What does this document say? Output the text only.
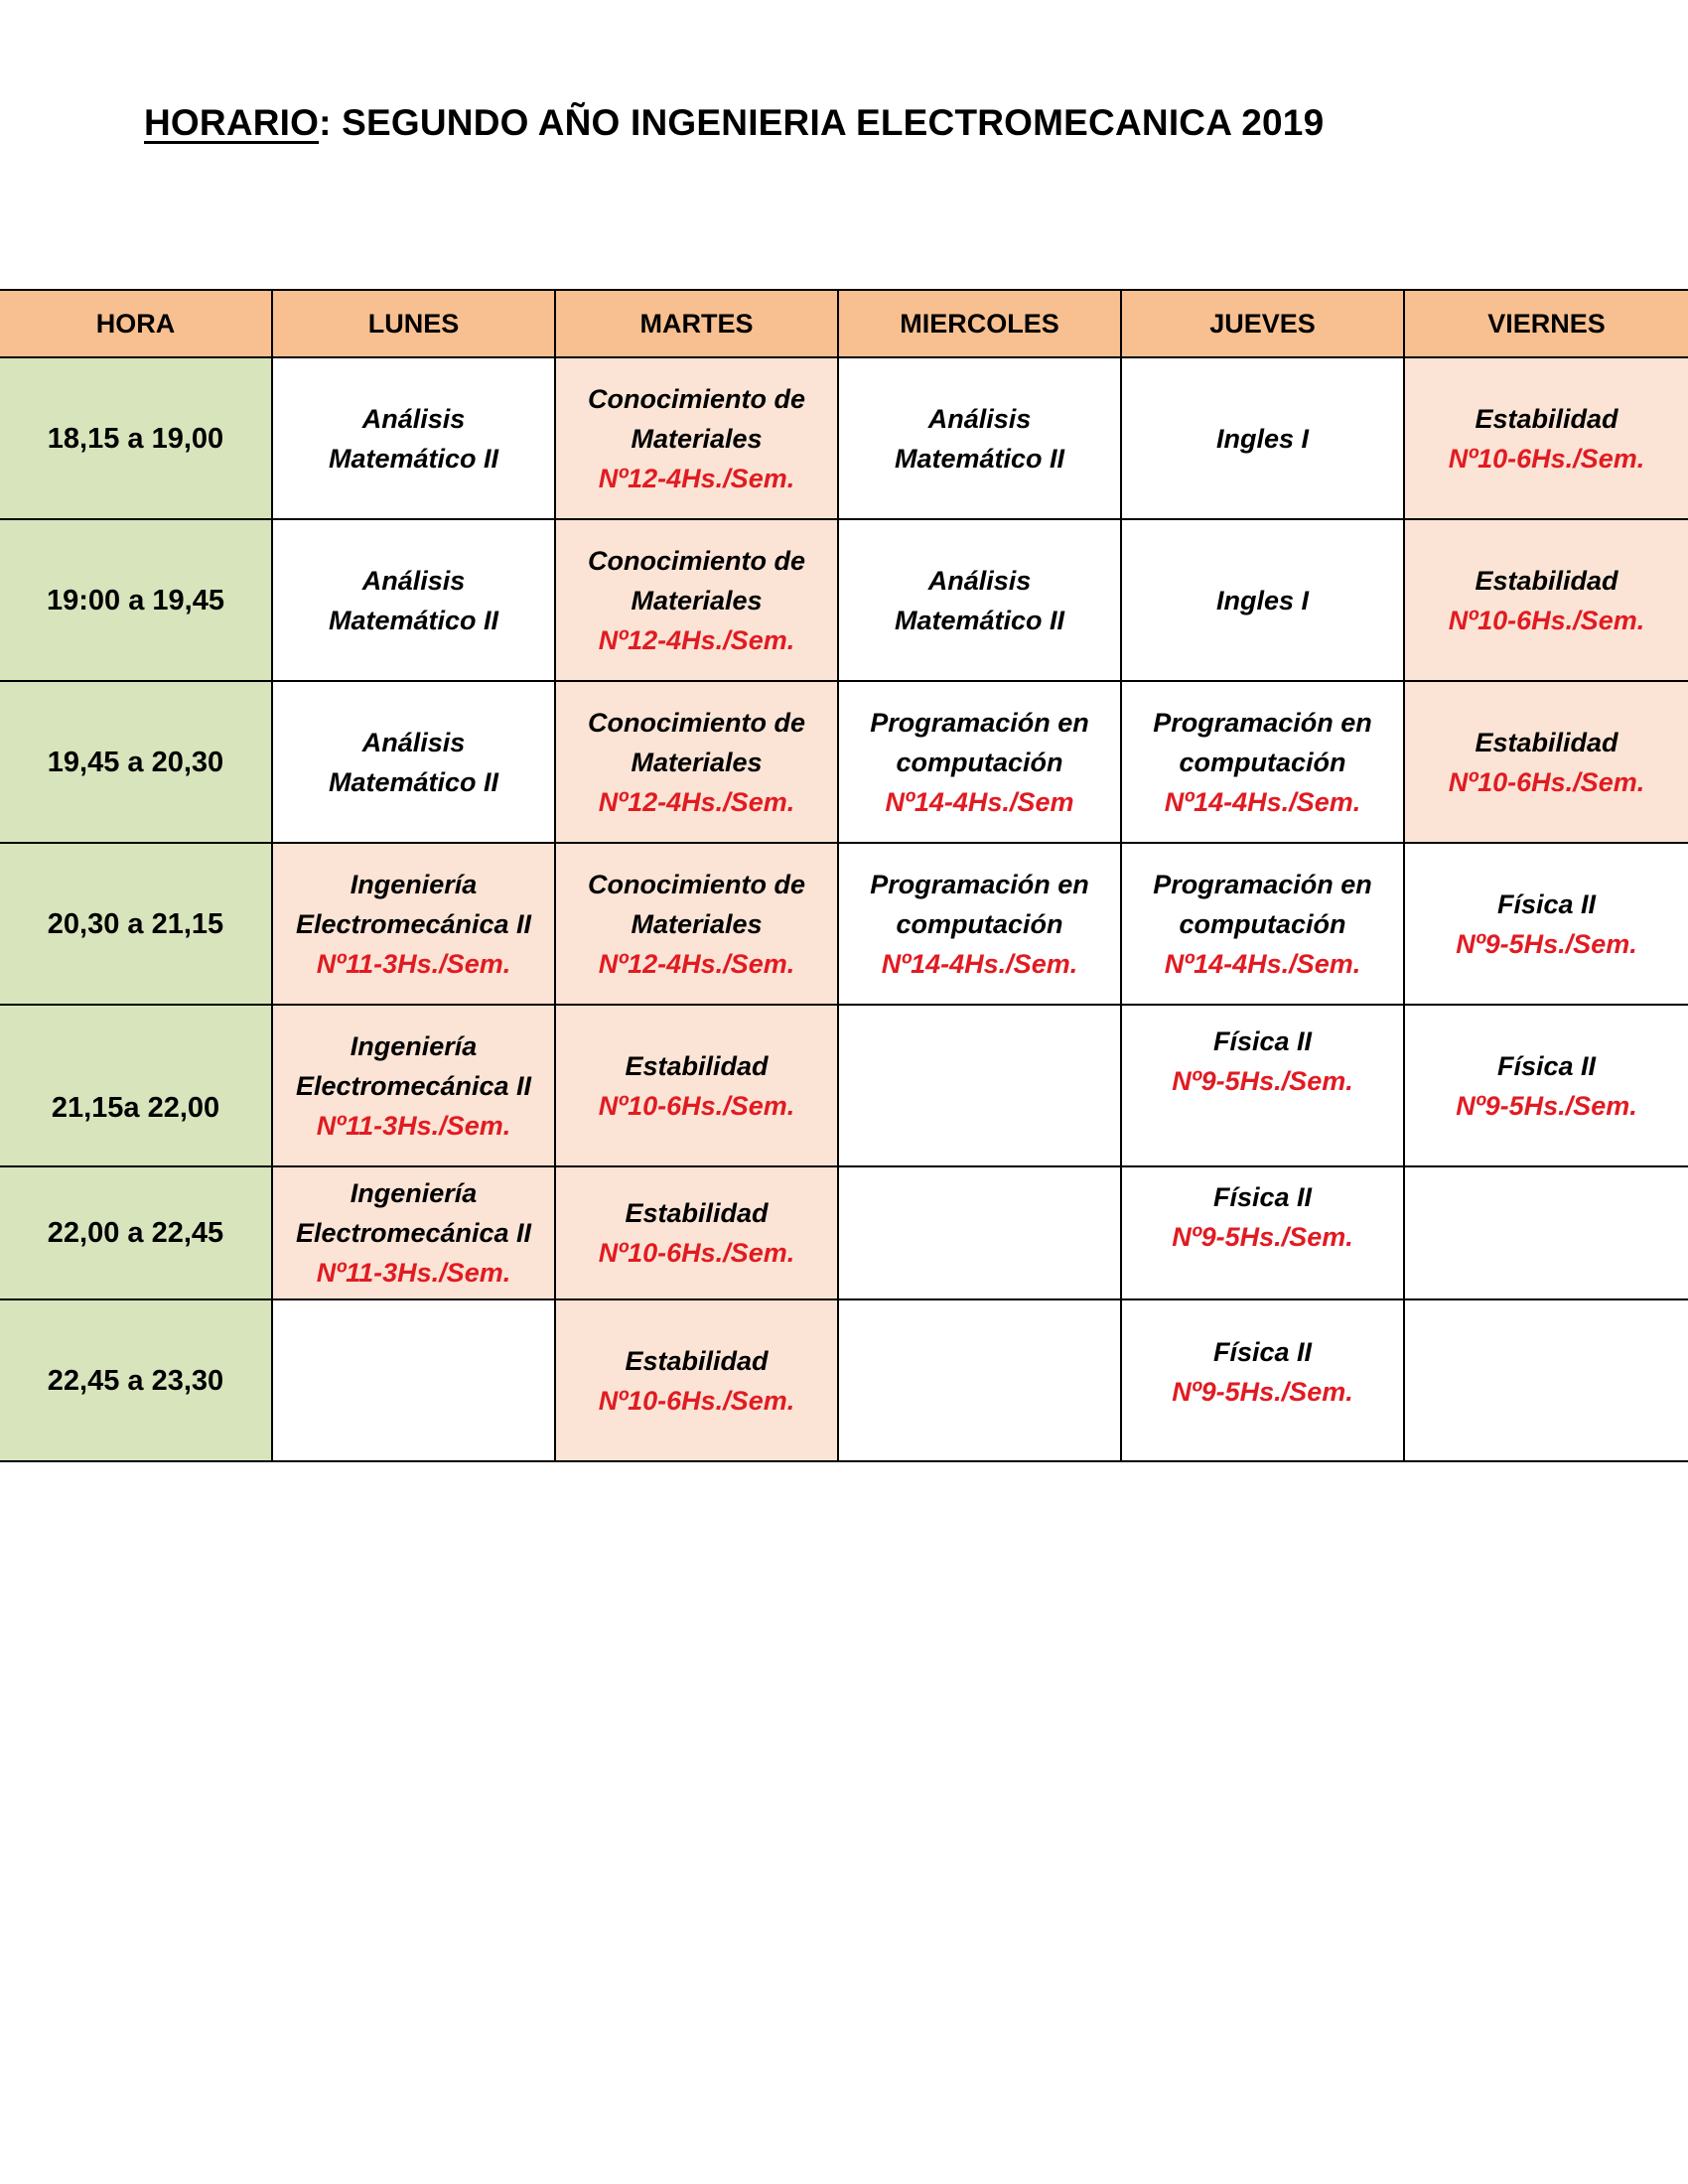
HORARIO: SEGUNDO AÑO INGENIERIA ELECTROMECANICA 2019
HORA	LUNES	MARTES	MIERCOLES	JUEVES	VIERNES

18,15 a 19,00	Análisis
Matemático II	Conocimiento de
Materiales
Nº12-4Hs./Sem.	Análisis
Matemático II	Ingles I	Estabilidad
Nº10-6Hs./Sem.

19:00 a 19,45	Análisis
Matemático II	Conocimiento de
Materiales
Nº12-4Hs./Sem.	Análisis
Matemático II	Ingles I	Estabilidad
Nº10-6Hs./Sem.

19,45 a 20,30	Análisis
Matemático II	Conocimiento de
Materiales
Nº12-4Hs./Sem.	Programación en
computación
Nº14-4Hs./Sem	Programación en
computación
Nº14-4Hs./Sem.	Estabilidad
Nº10-6Hs./Sem.

20,30 a 21,15	Ingeniería
Electromecánica II
Nº11-3Hs./Sem.	Conocimiento de
Materiales
Nº12-4Hs./Sem.	Programación en
computación
Nº14-4Hs./Sem.	Programación en
computación
Nº14-4Hs./Sem.	Física II
Nº9-5Hs./Sem.

21,15a 22,00	Ingeniería
Electromecánica II
Nº11-3Hs./Sem.	Estabilidad
Nº10-6Hs./Sem.		Física II
Nº9-5Hs./Sem.	Física II
Nº9-5Hs./Sem.

22,00 a 22,45	Ingeniería
Electromecánica II
Nº11-3Hs./Sem.	Estabilidad
Nº10-6Hs./Sem.		Física II
Nº9-5Hs./Sem.	

22,45 a 23,30		Estabilidad
Nº10-6Hs./Sem.		Física II
Nº9-5Hs./Sem.	
